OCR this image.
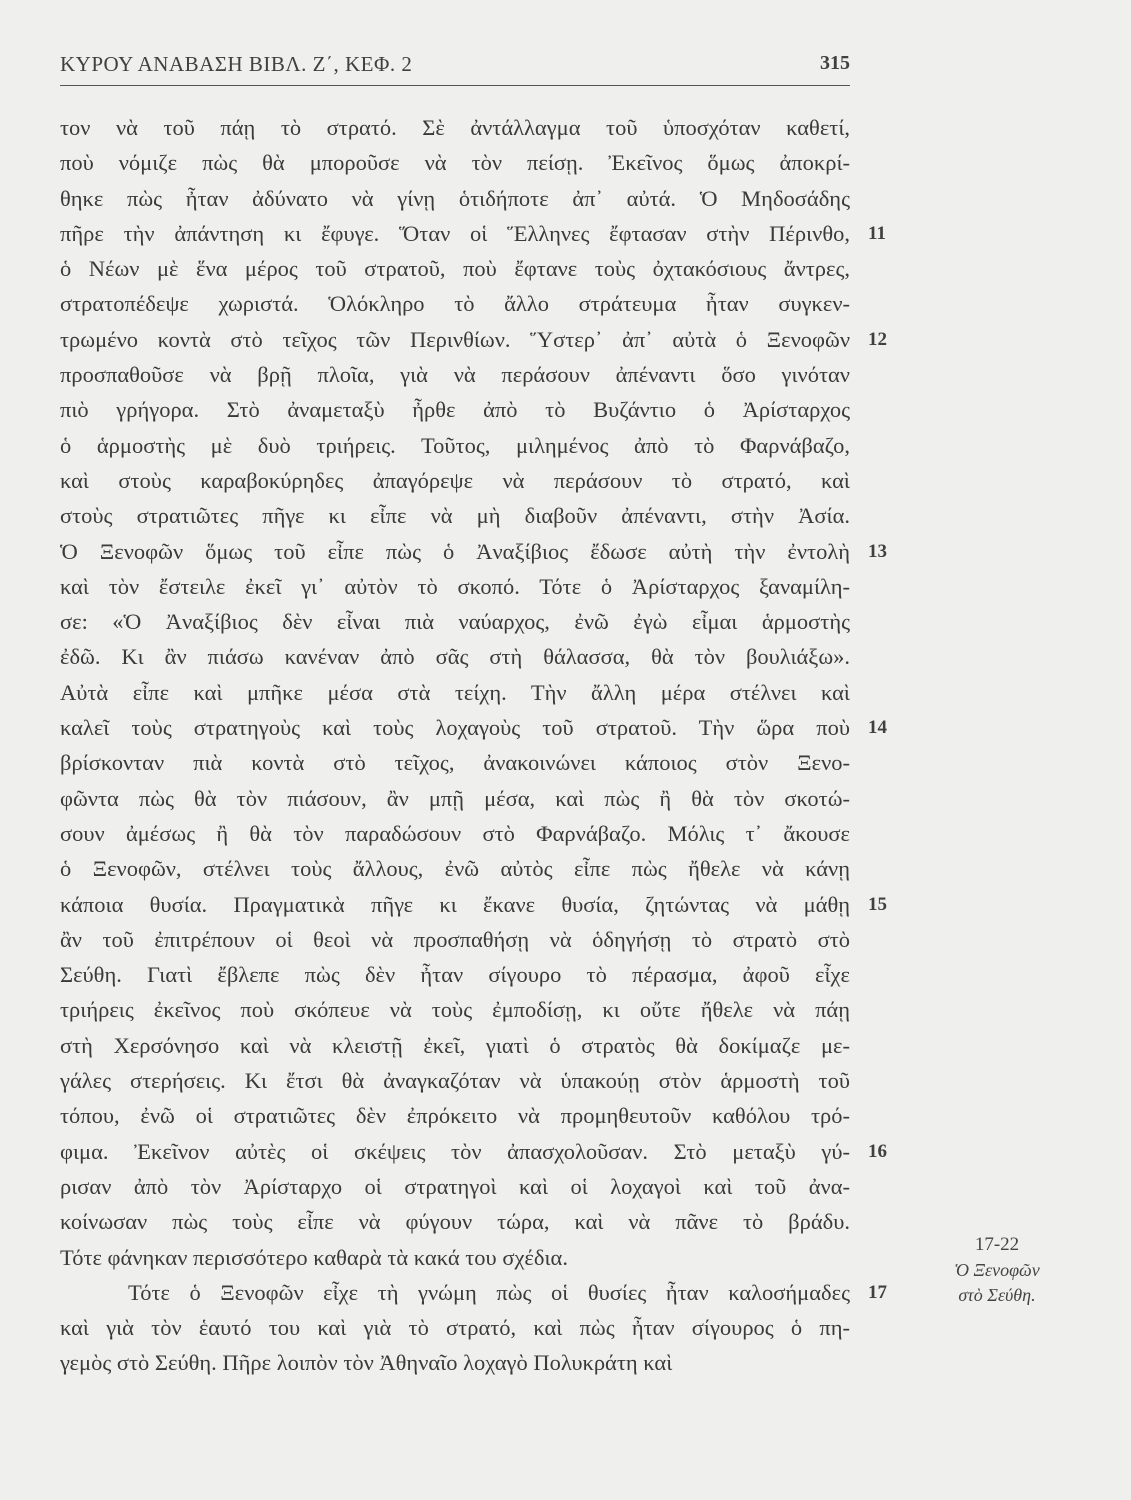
ΚΥΡΟΥ ΑΝΑΒΑΣΗ ΒΙΒΛ. Ζ΄, ΚΕΦ. 2	315
τον νὰ τοῦ πάῃ τὸ στρατό. Σὲ ἀντάλλαγμα τοῦ ὑποσχόταν καθετί,
ποὺ νόμιζε πὼς θὰ μποροῦσε νὰ τὸν πείσῃ. Ἐκεῖνος ὅμως ἀποκρί-
θηκε πὼς ἦταν ἀδύνατο νὰ γίνῃ ὁτιδήποτε ἀπ᾽ αὐτά. Ὁ Μηδοσάδης
πῆρε τὴν ἀπάντηση κι ἔφυγε. Ὅταν οἱ Ἕλληνες ἔφτασαν στὴν Πέρινθο,
ὁ Νέων μὲ ἕνα μέρος τοῦ στρατοῦ, ποὺ ἔφτανε τοὺς ὀχτακόσιους ἄντρες,
στρατοπέδεψε χωριστά. Ὁλόκληρο τὸ ἄλλο στράτευμα ἦταν συγκεν-
τρωμένο κοντὰ στὸ τεῖχος τῶν Περινθίων. Ὕστερ᾽ ἀπ᾽ αὐτὰ ὁ Ξενοφῶν
προσπαθοῦσε νὰ βρῇ πλοῖα, γιὰ νὰ περάσουν ἀπέναντι ὅσο γινόταν
πιὸ γρήγορα. Στὸ ἀναμεταξὺ ἦρθε ἀπὸ τὸ Βυζάντιο ὁ Ἀρίσταρχος
ὁ ἁρμοστὴς μὲ δυὸ τριήρεις. Τοῦτος, μιλημένος ἀπὸ τὸ Φαρνάβαζο,
καὶ στοὺς καραβοκύρηδες ἀπαγόρεψε νὰ περάσουν τὸ στρατό, καὶ
στοὺς στρατιῶτες πῆγε κι εἶπε νὰ μὴ διαβοῦν ἀπέναντι, στὴν Ἀσία.
Ὁ Ξενοφῶν ὅμως τοῦ εἶπε πὼς ὁ Ἀναξίβιος ἔδωσε αὐτὴ τὴν ἐντολὴ
καὶ τὸν ἔστειλε ἐκεῖ γι᾽ αὐτὸν τὸ σκοπό. Τότε ὁ Ἀρίσταρχος ξαναμίλη-
σε: «Ὁ Ἀναξίβιος δὲν εἶναι πιὰ ναύαρχος, ἐνῶ ἐγὼ εἶμαι ἁρμοστὴς
ἐδῶ. Κι ἂν πιάσω κανέναν ἀπὸ σᾶς στὴ θάλασσα, θὰ τὸν βουλιάξω».
Αὐτὰ εἶπε καὶ μπῆκε μέσα στὰ τείχη. Τὴν ἄλλη μέρα στέλνει καὶ
καλεῖ τοὺς στρατηγοὺς καὶ τοὺς λοχαγοὺς τοῦ στρατοῦ. Τὴν ὥρα ποὺ
βρίσκονταν πιὰ κοντὰ στὸ τεῖχος, ἀνακοινώνει κάποιος στὸν Ξενο-
φῶντα πὼς θὰ τὸν πιάσουν, ἂν μπῇ μέσα, καὶ πὼς ἢ θὰ τὸν σκοτώ-
σουν ἀμέσως ἢ θὰ τὸν παραδώσουν στὸ Φαρνάβαζο. Μόλις τ᾽ ἄκουσε
ὁ Ξενοφῶν, στέλνει τοὺς ἄλλους, ἐνῶ αὐτὸς εἶπε πὼς ἤθελε νὰ κάνῃ
κάποια θυσία. Πραγματικὰ πῆγε κι ἔκανε θυσία, ζητώντας νὰ μάθῃ
ἂν τοῦ ἐπιτρέπουν οἱ θεοὶ νὰ προσπαθήσῃ νὰ ὁδηγήσῃ τὸ στρατὸ στὸ
Σεύθη. Γιατὶ ἔβλεπε πὼς δὲν ἦταν σίγουρο τὸ πέρασμα, ἀφοῦ εἶχε
τριήρεις ἐκεῖνος ποὺ σκόπευε νὰ τοὺς ἐμποδίσῃ, κι οὔτε ἤθελε νὰ πάῃ
στὴ Χερσόνησο καὶ νὰ κλειστῇ ἐκεῖ, γιατὶ ὁ στρατὸς θὰ δοκίμαζε με-
γάλες στερήσεις. Κι ἔτσι θὰ ἀναγκαζόταν νὰ ὑπακούῃ στὸν ἁρμοστὴ τοῦ
τόπου, ἐνῶ οἱ στρατιῶτες δὲν ἐπρόκειτο νὰ προμηθευτοῦν καθόλου τρό-
φιμα. Ἐκεῖνον αὐτὲς οἱ σκέψεις τὸν ἀπασχολοῦσαν. Στὸ μεταξὺ γύ-
ρισαν ἀπὸ τὸν Ἀρίσταρχο οἱ στρατηγοὶ καὶ οἱ λοχαγοὶ καὶ τοῦ ἀνα-
κοίνωσαν πὼς τοὺς εἶπε νὰ φύγουν τώρα, καὶ νὰ πᾶνε τὸ βράδυ.
Τότε φάνηκαν περισσότερο καθαρὰ τὰ κακά του σχέδια.
Τότε ὁ Ξενοφῶν εἶχε τὴ γνώμη πὼς οἱ θυσίες ἦταν καλοσήμαδες
καὶ γιὰ τὸν ἑαυτό του καὶ γιὰ τὸ στρατό, καὶ πὼς ἦταν σίγουρος ὁ πη-
γεμὸς στὸ Σεύθη. Πῆρε λοιπὸν τὸν Ἀθηναῖο λοχαγὸ Πολυκράτη καὶ
11
12
13
14
15
16
17
17-22
Ὁ Ξενοφῶν
στὸ Σεύθη.
